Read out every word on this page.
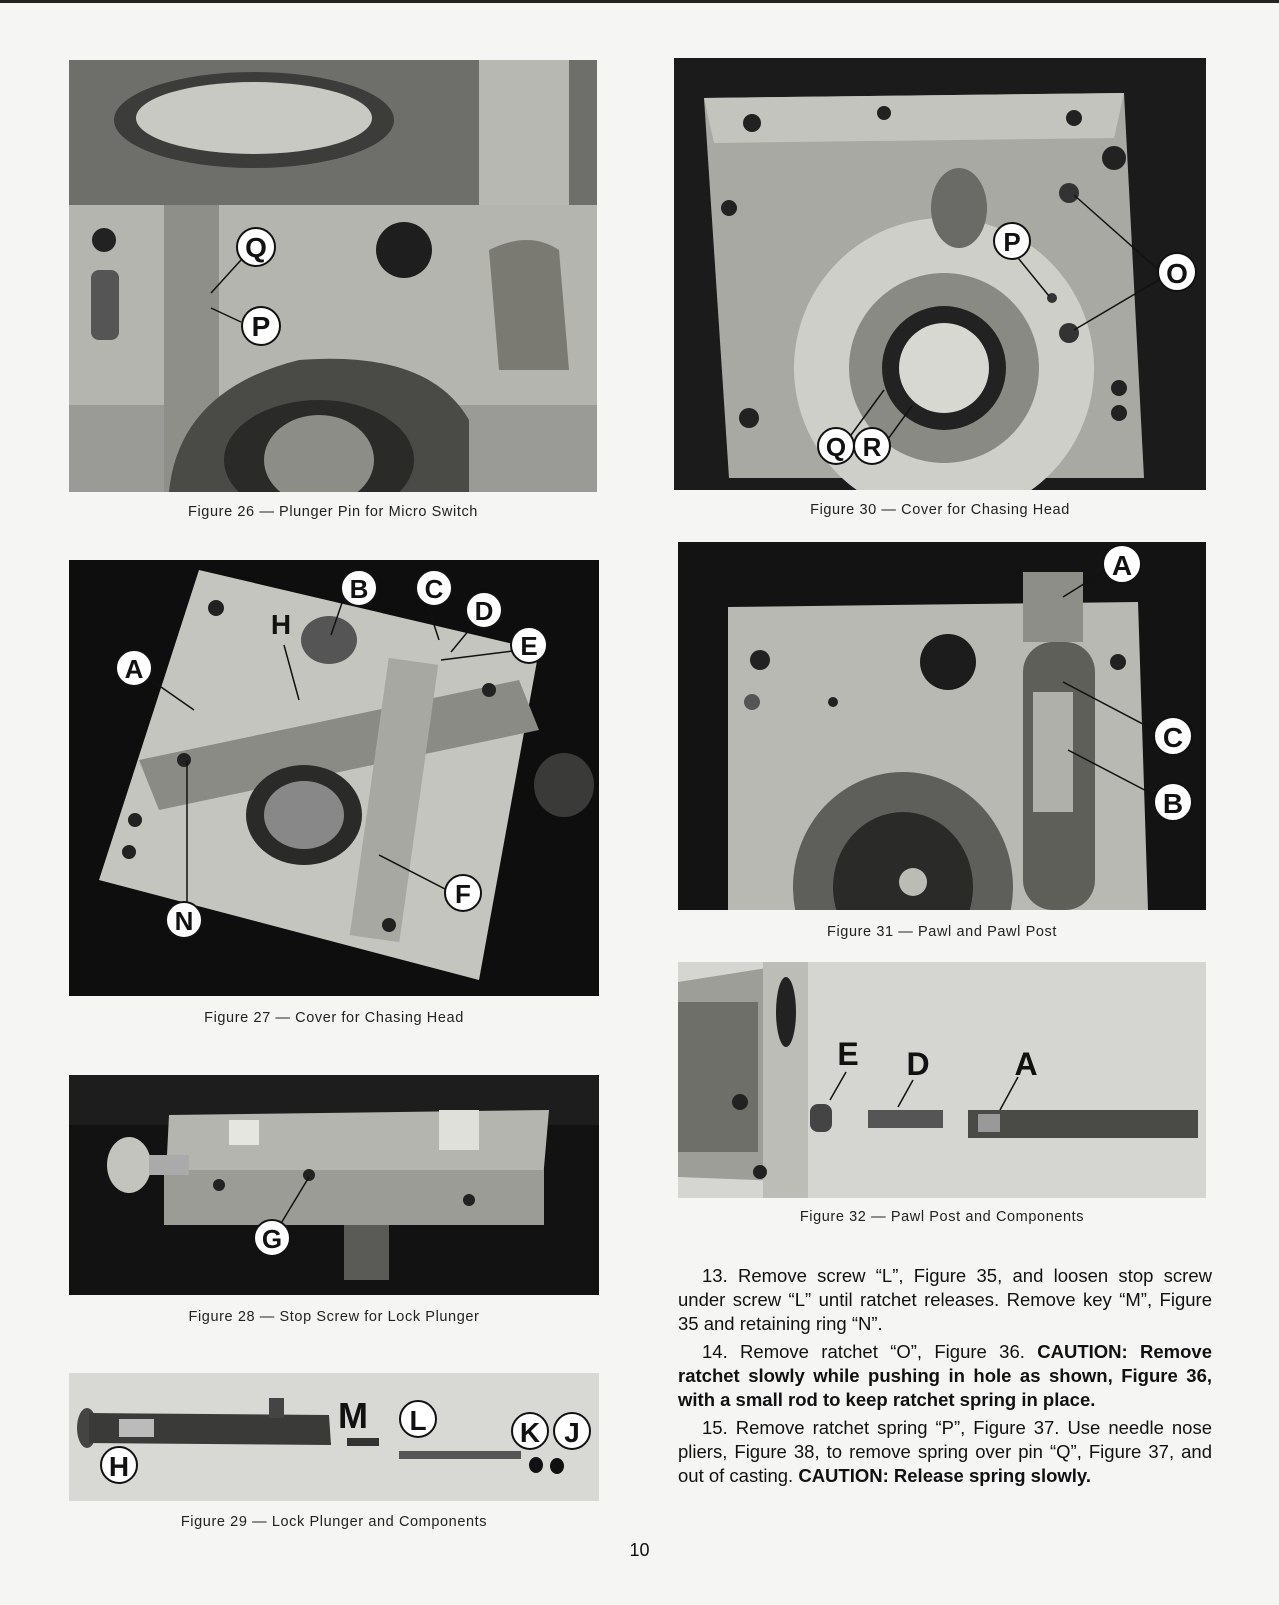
Q
P
Figure 26 — Plunger Pin for Micro Switch
B C
D
E
H
A
N
F
Figure 27 — Cover for Chasing Head
G
Figure 28 — Stop Screw for Lock Plunger
M L	K J
H
Figure 29 — Lock Plunger and Components
P
O
Q R
Figure 30 — Cover for Chasing Head
A
C
B
Figure 31 — Pawl and Pawl Post
E D	A
Figure 32 — Pawl Post and Components

13. Remove screw “L”, Figure 35, and loosen stop screw under screw “L” until ratchet releases. Remove key “M”, Figure 35 and retaining ring “N”.

14. Remove ratchet “O”, Figure 36. CAUTION: Remove ratchet slowly while pushing in hole as shown, Figure 36, with a small rod to keep ratchet spring in place.

15. Remove ratchet spring “P”, Figure 37. Use needle nose pliers, Figure 38, to remove spring over pin “Q”, Figure 37, and out of casting. CAUTION: Release spring slowly.

10
